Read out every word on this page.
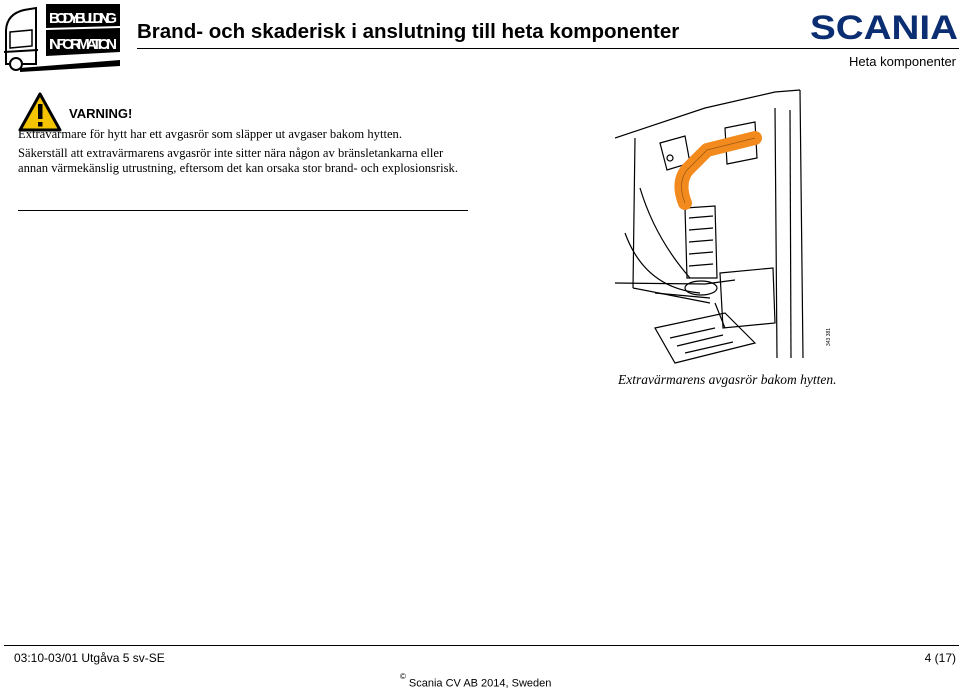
BODYBUILDING
INFORMATION
Brand- och skaderisk i anslutning till heta komponenter	SCANIA
Heta komponenter
VARNING!

Extravärmare för hytt har ett avgasrör som släpper ut avgaser bakom hytten.

Säkerställ att extravärmarens avgasrör inte sitter nära någon av bränsletankarna eller annan värmekänslig utrustning, eftersom det kan orsaka stor brand- och explosionsrisk.

343 381
Extravärmarens avgasrör bakom hytten.
03:10-03/01 Utgåva 5 sv-SE	4 (17)
©Scania CV AB 2014, Sweden
